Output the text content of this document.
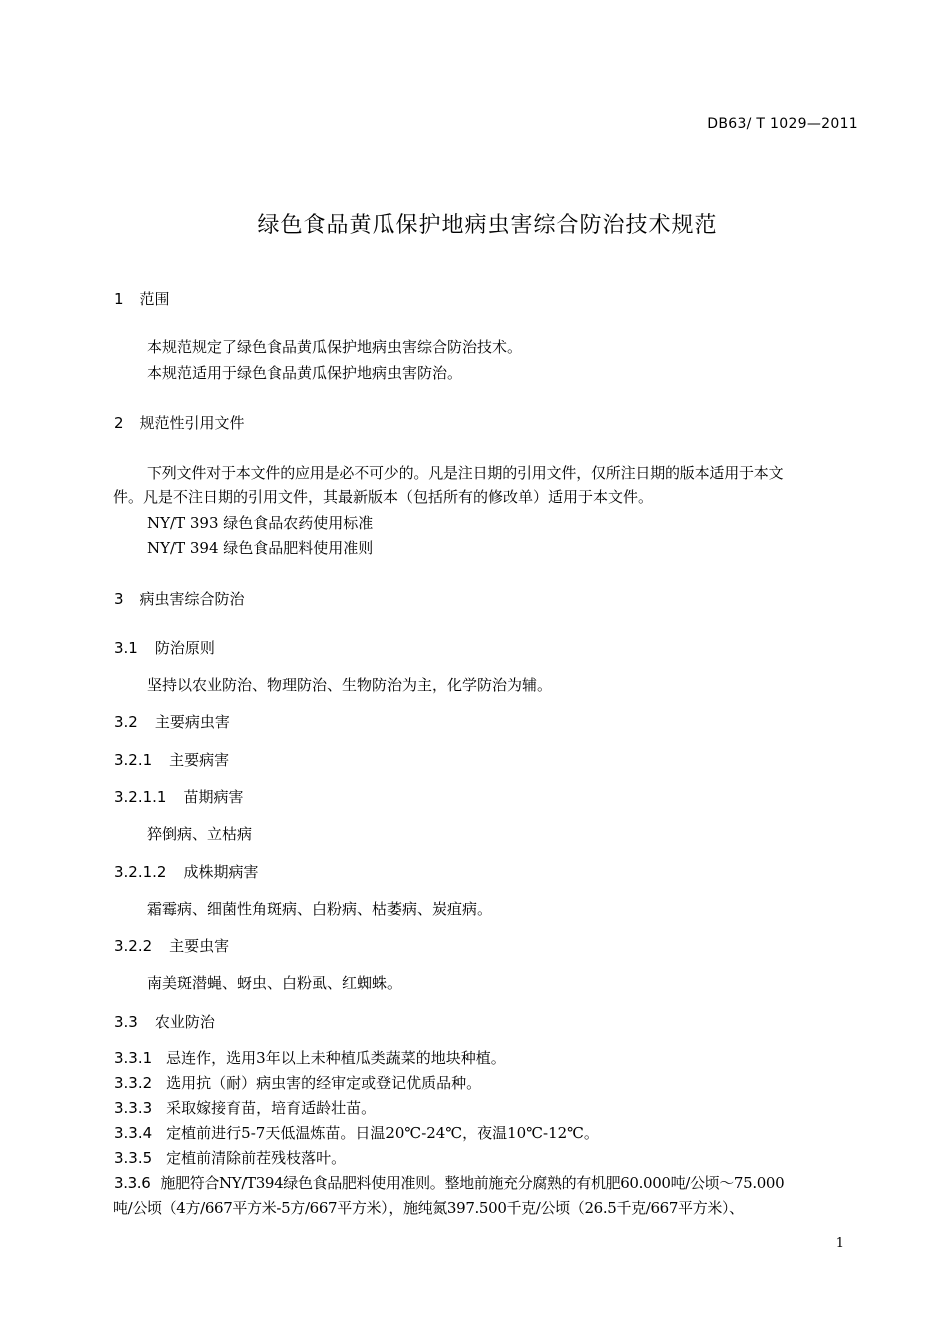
DB63/ T 1029—2011
绿色食品黄瓜保护地病虫害综合防治技术规范
1 范围
本规范规定了绿色食品黄瓜保护地病虫害综合防治技术。
本规范适用于绿色食品黄瓜保护地病虫害防治。
2 规范性引用文件
下列文件对于本文件的应用是必不可少的。凡是注日期的引用文件，仅所注日期的版本适用于本文
件。凡是不注日期的引用文件，其最新版本（包括所有的修改单）适用于本文件。
NY/T 393 绿色食品农药使用标准
NY/T 394 绿色食品肥料使用准则
3 病虫害综合防治
3.1 防治原则
坚持以农业防治、物理防治、生物防治为主，化学防治为辅。
3.2 主要病虫害
3.2.1 主要病害
3.2.1.1 苗期病害
猝倒病、立枯病
3.2.1.2 成株期病害
霜霉病、细菌性角斑病、白粉病、枯萎病、炭疽病。
3.2.2 主要虫害
南美斑潜蝇、蚜虫、白粉虱、红蜘蛛。
3.3 农业防治
3.3.1 忌连作，选用3年以上未种植瓜类蔬菜的地块种植。
3.3.2 选用抗（耐）病虫害的经审定或登记优质品种。
3.3.3 采取嫁接育苗，培育适龄壮苗。
3.3.4 定植前进行5-7天低温炼苗。日温20℃-24℃，夜温10℃-12℃。
3.3.5 定植前清除前茬残枝落叶。
3.3.6 施肥符合NY/T394绿色食品肥料使用准则。整地前施充分腐熟的有机肥60.000吨/公顷～75.000
吨/公顷（4方/667平方米-5方/667平方米），施纯氮397.500千克/公顷（26.5千克/667平方米）、
1
